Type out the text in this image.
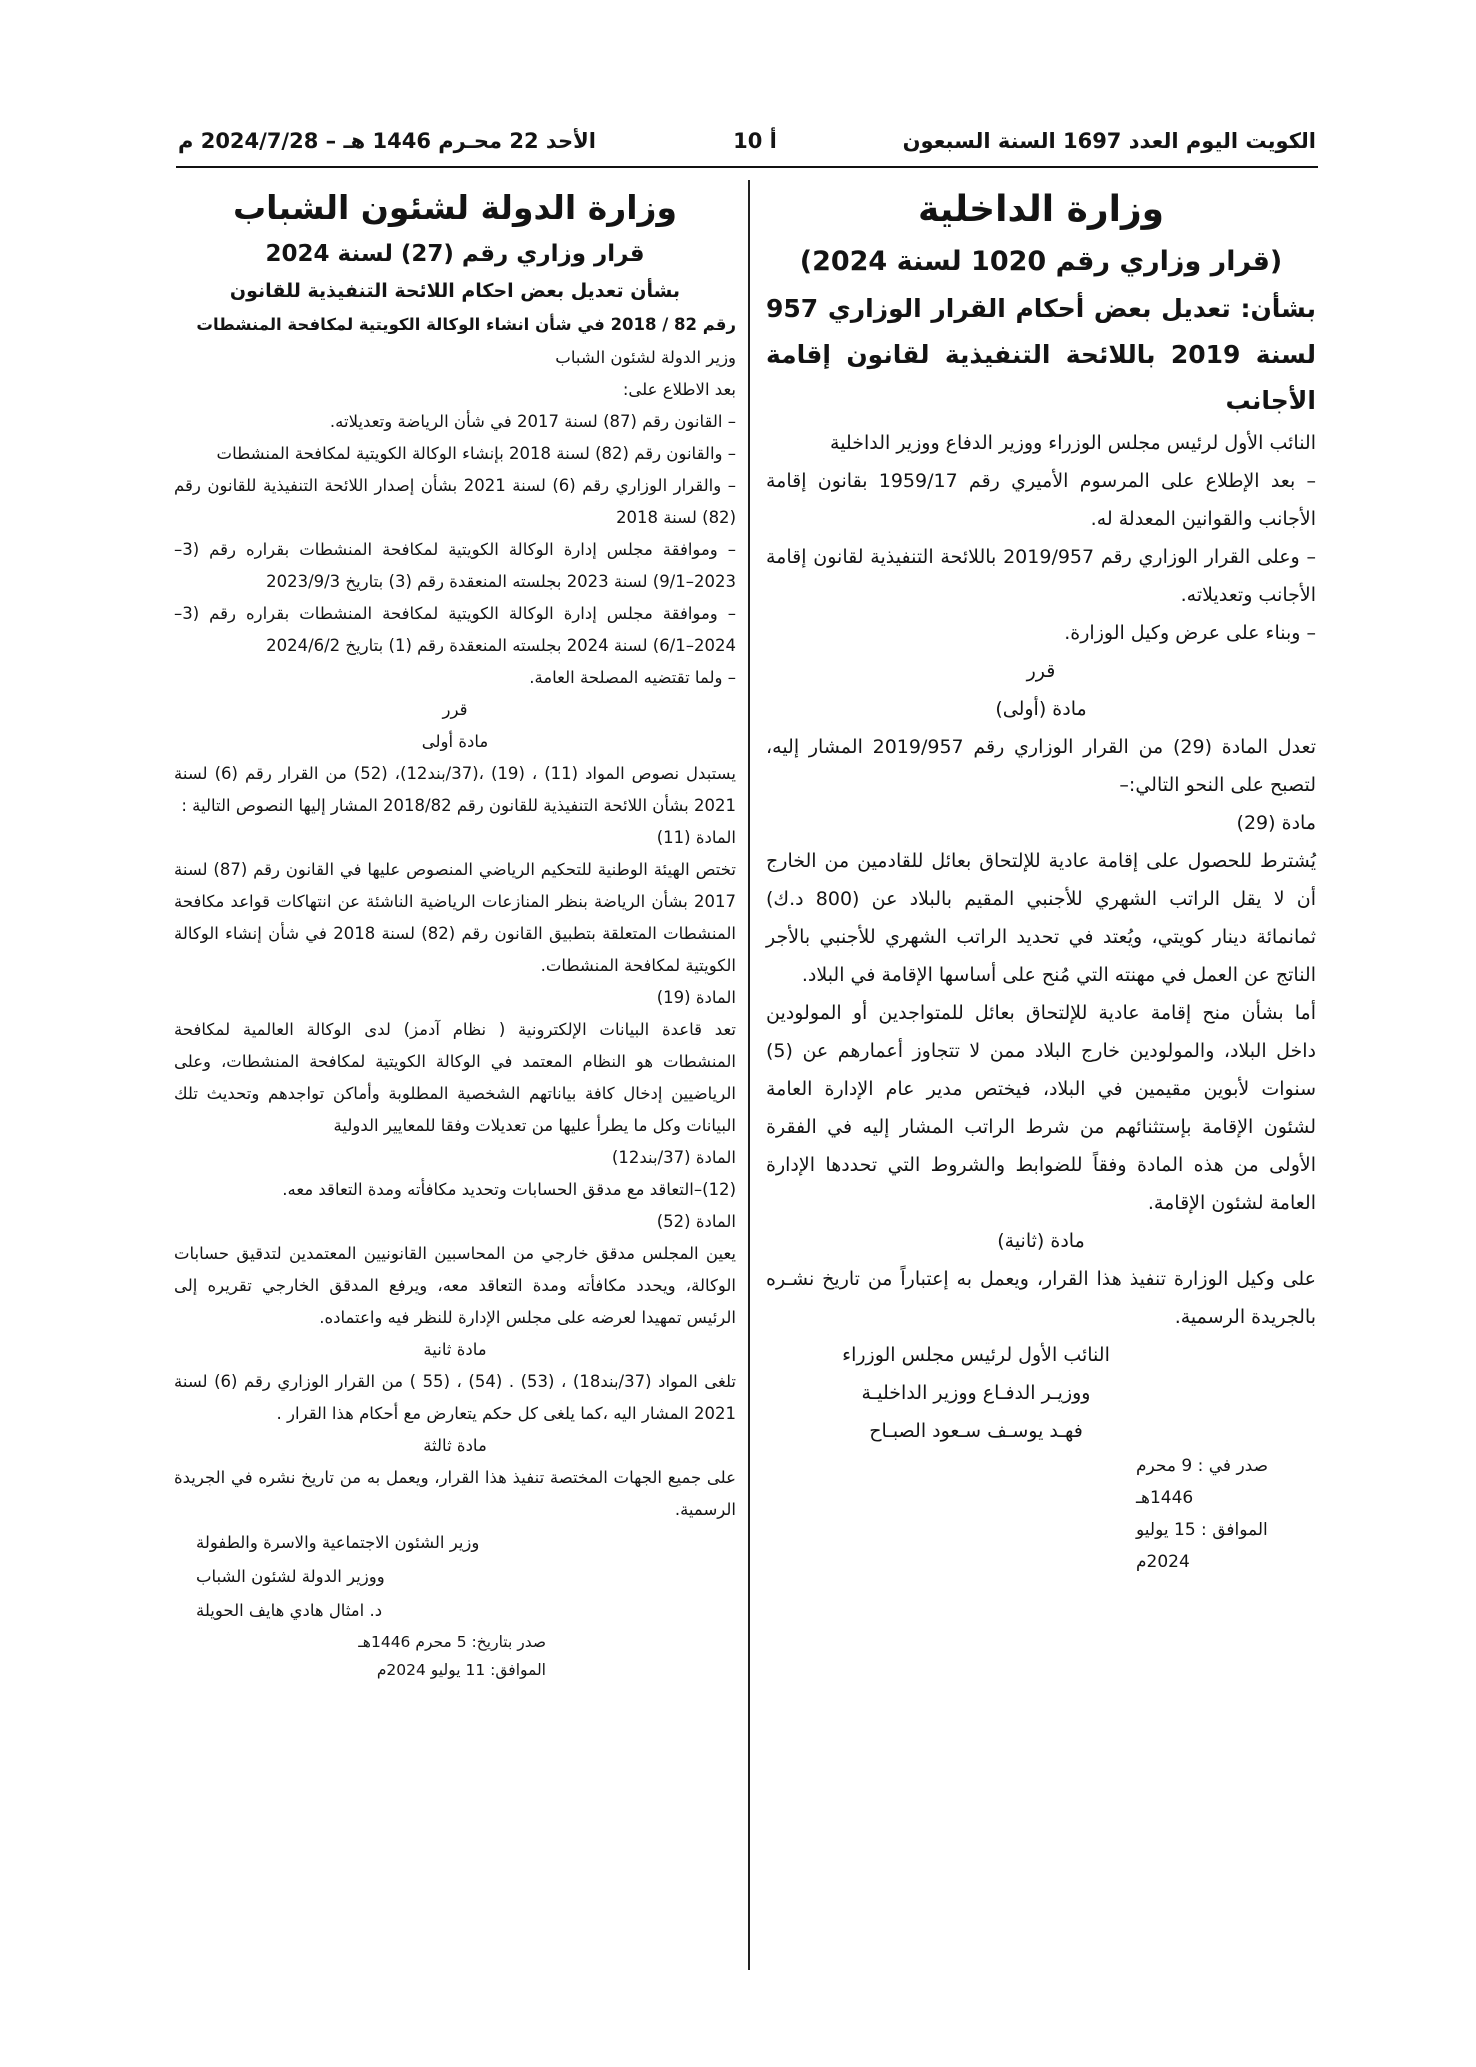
الكويت اليوم العدد 1697 السنة السبعون
أ 10
الأحد 22 محـرم 1446 هـ – 2024/7/28 م
وزارة الداخلية
(قرار وزاري رقم 1020 لسنة 2024)
بشأن: تعديل بعض أحكام القرار الوزاري 957 لسنة 2019 باللائحة التنفيذية لقانون إقامة الأجانب

النائب الأول لرئيس مجلس الوزراء ووزير الدفاع ووزير الداخلية

– بعد الإطلاع على المرسوم الأميري رقم 1959/17 بقانون إقامة الأجانب والقوانين المعدلة له.

– وعلى القرار الوزاري رقم 2019/957 باللائحة التنفيذية لقانون إقامة الأجانب وتعديلاته.

– وبناء على عرض وكيل الوزارة.

قرر

مادة (أولى)

تعدل المادة (29) من القرار الوزاري رقم 2019/957 المشار إليه، لتصبح على النحو التالي:–

مادة (29)

يُشترط للحصول على إقامة عادية للإلتحاق بعائل للقادمين من الخارج أن لا يقل الراتب الشهري للأجنبي المقيم بالبلاد عن (800 د.ك) ثمانمائة دينار كويتي، ويُعتد في تحديد الراتب الشهري للأجنبي بالأجر الناتج عن العمل في مهنته التي مُنح على أساسها الإقامة في البلاد.

أما بشأن منح إقامة عادية للإلتحاق بعائل للمتواجدين أو المولودين داخل البلاد، والمولودين خارج البلاد ممن لا تتجاوز أعمارهم عن (5) سنوات لأبوين مقيمين في البلاد، فيختص مدير عام الإدارة العامة لشئون الإقامة بإستثنائهم من شرط الراتب المشار إليه في الفقرة الأولى من هذه المادة وفقاً للضوابط والشروط التي تحددها الإدارة العامة لشئون الإقامة.

مادة (ثانية)

على وكيل الوزارة تنفيذ هذا القرار، ويعمل به إعتباراً من تاريخ نشـره بالجريدة الرسمية.

النائب الأول لرئيس مجلس الوزراء
ووزيـر الدفـاع ووزير الداخليـة
فهـد يوسـف سـعود الصبـاح
صدر في : 9 محرم 1446هـ
الموافق : 15 يوليو 2024م
وزارة الدولة لشئون الشباب
قرار وزاري رقم (27) لسنة 2024
بشأن تعديل بعض احكام اللائحة التنفيذية للقانون
رقم 82 / 2018 في شأن انشاء الوكالة الكويتية لمكافحة المنشطات

وزير الدولة لشئون الشباب

بعد الاطلاع على:

– القانون رقم (87) لسنة 2017 في شأن الرياضة وتعديلاته.

– والقانون رقم (82) لسنة 2018 بإنشاء الوكالة الكويتية لمكافحة المنشطات

– والقرار الوزاري رقم (6) لسنة 2021 بشأن إصدار اللائحة التنفيذية للقانون رقم (82) لسنة 2018

– وموافقة مجلس إدارة الوكالة الكويتية لمكافحة المنشطات بقراره رقم (3–2023–9/1) لسنة 2023 بجلسته المنعقدة رقم (3) بتاريخ 2023/9/3

– وموافقة مجلس إدارة الوكالة الكويتية لمكافحة المنشطات بقراره رقم (3–2024–6/1) لسنة 2024 بجلسته المنعقدة رقم (1) بتاريخ 2024/6/2

– ولما تقتضيه المصلحة العامة.

قرر

مادة أولى

يستبدل نصوص المواد (11) ، (19) ،(37/بند12)، (52) من القرار رقم (6) لسنة 2021 بشأن اللائحة التنفيذية للقانون رقم 2018/82 المشار إليها النصوص التالية :

المادة (11)

تختص الهيئة الوطنية للتحكيم الرياضي المنصوص عليها في القانون رقم (87) لسنة 2017 بشأن الرياضة بنظر المنازعات الرياضية الناشئة عن انتهاكات قواعد مكافحة المنشطات المتعلقة بتطبيق القانون رقم (82) لسنة 2018 في شأن إنشاء الوكالة الكويتية لمكافحة المنشطات.

المادة (19)

تعد قاعدة البيانات الإلكترونية ( نظام آدمز) لدى الوكالة العالمية لمكافحة المنشطات هو النظام المعتمد في الوكالة الكويتية لمكافحة المنشطات، وعلى الرياضيين إدخال كافة بياناتهم الشخصية المطلوبة وأماكن تواجدهم وتحديث تلك البيانات وكل ما يطرأ عليها من تعديلات وفقا للمعايير الدولية

المادة (37/بند12)

(12)–التعاقد مع مدقق الحسابات وتحديد مكافأته ومدة التعاقد معه.

المادة (52)

يعين المجلس مدقق خارجي من المحاسبين القانونيين المعتمدين لتدقيق حسابات الوكالة، ويحدد مكافأته ومدة التعاقد معه، ويرفع المدقق الخارجي تقريره إلى الرئيس تمهيدا لعرضه على مجلس الإدارة للنظر فيه واعتماده.

مادة ثانية

تلغى المواد (37/بند18) ، (53) . (54) ، (55 ) من القرار الوزاري رقم (6) لسنة 2021 المشار اليه ،كما يلغى كل حكم يتعارض مع أحكام هذا القرار .

مادة ثالثة

على جميع الجهات المختصة تنفيذ هذا القرار، ويعمل به من تاريخ نشره في الجريدة الرسمية.

وزير الشئون الاجتماعية والاسرة والطفولة
ووزير الدولة لشئون الشباب
د. امثال هادي هايف الحويلة
صدر بتاريخ: 5 محرم 1446هـ
الموافق: 11 يوليو 2024م
